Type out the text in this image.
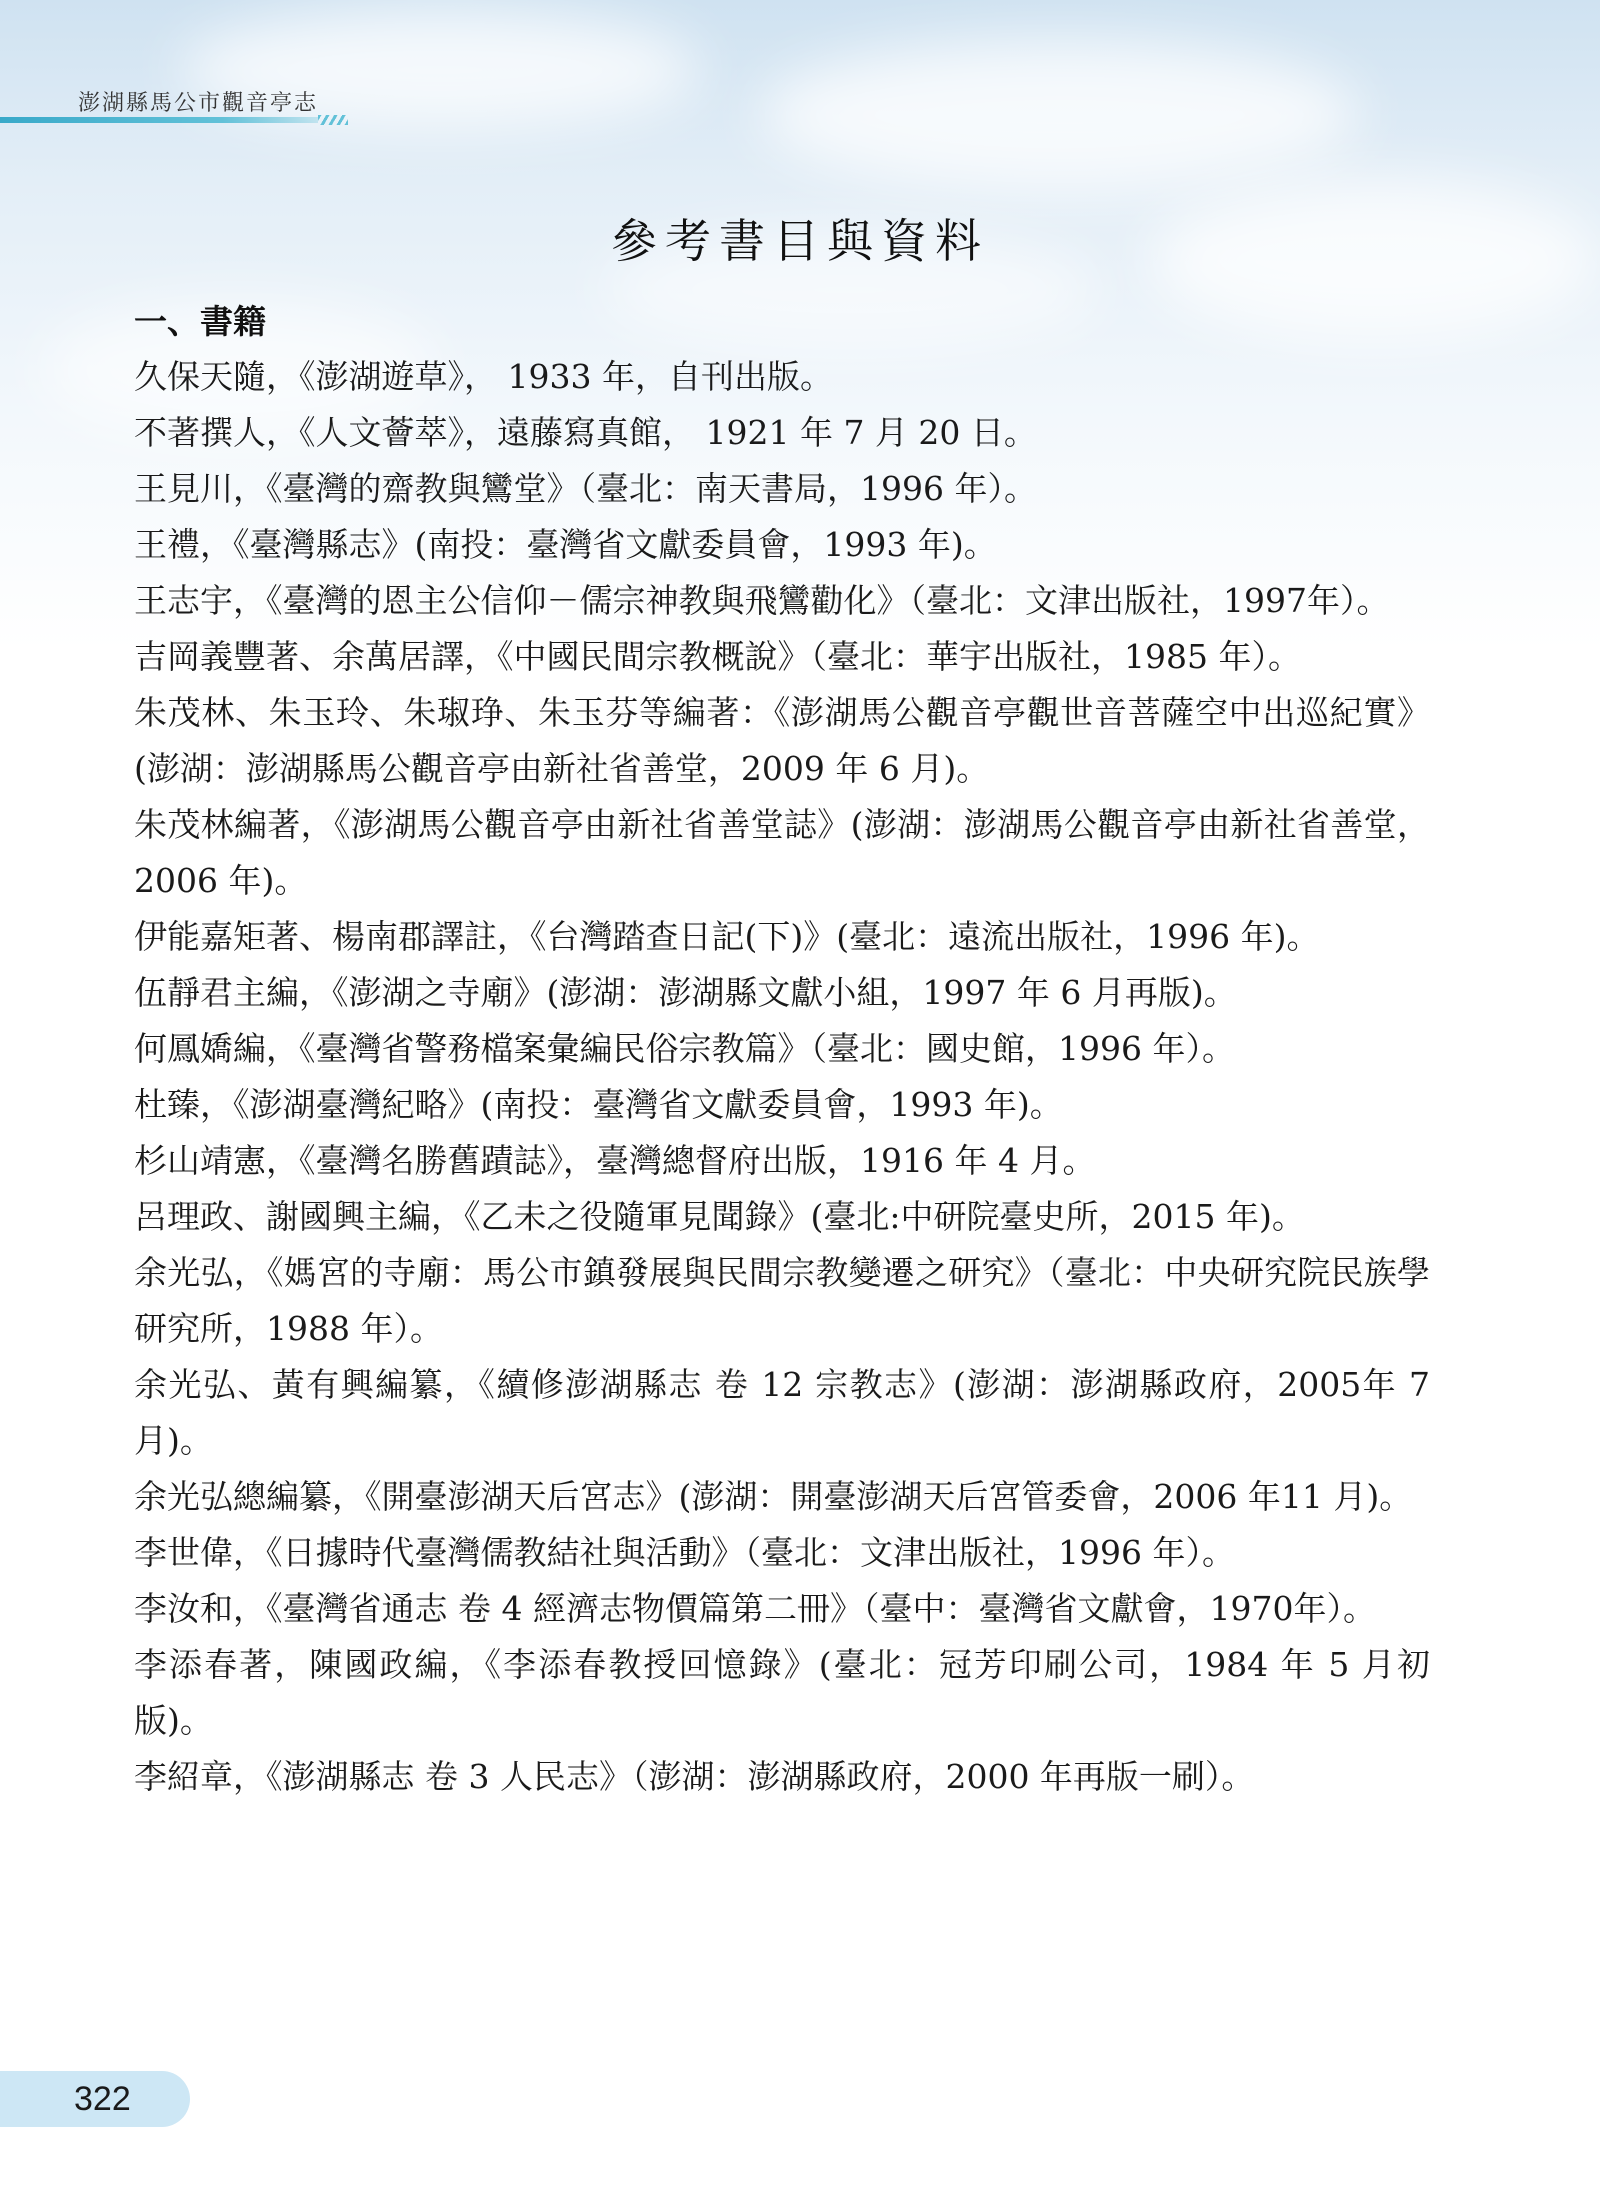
澎湖縣馬公市觀音亭志
參考書目與資料
一、書籍

久保天隨，《澎湖遊草》， 1933 年，自刊出版。

不著撰人，《人文薈萃》，遠藤寫真館， 1921 年 7 月 20 日。

王見川，《臺灣的齋教與鸞堂》（臺北：南天書局，1996 年）。

王禮，《臺灣縣志》(南投：臺灣省文獻委員會，1993 年)。

王志宇，《臺灣的恩主公信仰－儒宗神教與飛鸞勸化》（臺北：文津出版社，1997年）。

吉岡義豐著、余萬居譯，《中國民間宗教概說》（臺北：華宇出版社，1985 年）。

朱茂林、朱玉玲、朱琡琤、朱玉芬等編著：《澎湖馬公觀音亭觀世音菩薩空中出巡紀實》(澎湖：澎湖縣馬公觀音亭由新社省善堂，2009 年 6 月)。

朱茂林編著，《澎湖馬公觀音亭由新社省善堂誌》(澎湖：澎湖馬公觀音亭由新社省善堂，2006 年)。

伊能嘉矩著、楊南郡譯註，《台灣踏查日記(下)》(臺北：遠流出版社，1996 年)。

伍靜君主編，《澎湖之寺廟》(澎湖：澎湖縣文獻小組，1997 年 6 月再版)。

何鳳嬌編，《臺灣省警務檔案彙編民俗宗教篇》（臺北：國史館，1996 年）。

杜臻，《澎湖臺灣紀略》(南投：臺灣省文獻委員會，1993 年)。

杉山靖憲，《臺灣名勝舊蹟誌》，臺灣總督府出版，1916 年 4 月。

呂理政、謝國興主編，《乙未之役隨軍見聞錄》(臺北:中研院臺史所，2015 年)。

余光弘，《媽宮的寺廟：馬公市鎮發展與民間宗教變遷之研究》（臺北：中央研究院民族學研究所，1988 年）。

余光弘、黃有興編纂，《續修澎湖縣志 卷 12 宗教志》(澎湖：澎湖縣政府，2005年 7 月)。

余光弘總編纂，《開臺澎湖天后宮志》(澎湖：開臺澎湖天后宮管委會，2006 年11 月)。

李世偉，《日據時代臺灣儒教結社與活動》（臺北：文津出版社，1996 年）。

李汝和，《臺灣省通志 卷 4 經濟志物價篇第二冊》（臺中：臺灣省文獻會，1970年）。

李添春著，陳國政編，《李添春教授回憶錄》(臺北：冠芳印刷公司，1984 年 5 月初版)。

李紹章，《澎湖縣志 卷 3 人民志》（澎湖：澎湖縣政府，2000 年再版一刷）。

322
